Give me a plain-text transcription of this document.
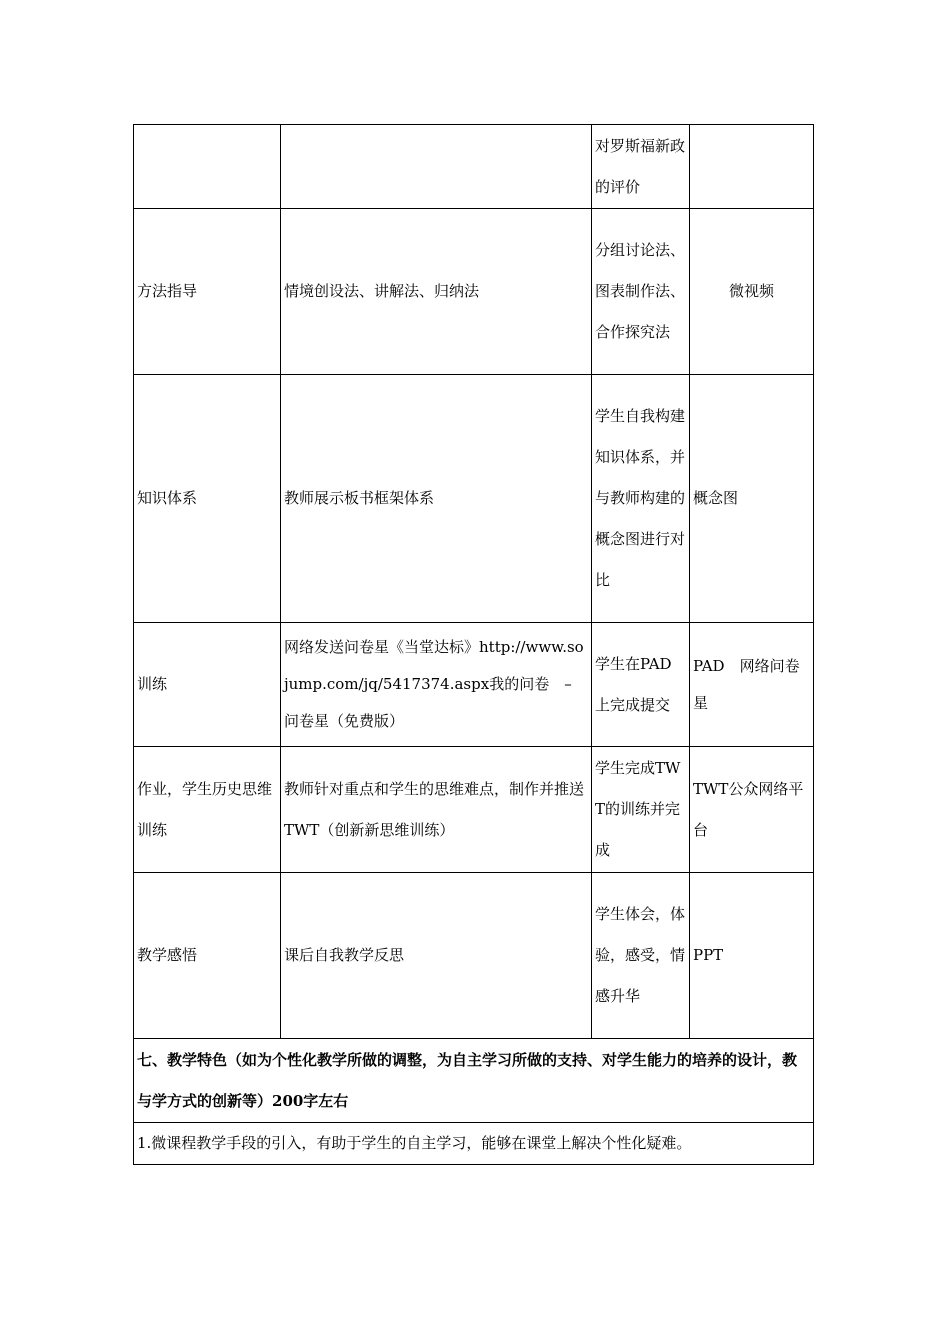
		对罗斯福新政的评价	
方法指导	情境创设法、讲解法、归纳法	分组讨论法、图表制作法、合作探究法	微视频
知识体系	教师展示板书框架体系	学生自我构建知识体系，并与教师构建的概念图进行对比	概念图
训练	网络发送问卷星《当堂达标》http://www.sojump.com/jq/5417374.aspx我的问卷　–　问卷星（免费版）	学生在PAD上完成提交	PAD　网络问卷星
作业，学生历史思维训练	教师针对重点和学生的思维难点，制作并推送TWT（创新新思维训练）	学生完成TWT的训练并完成	TWT公众网络平台
教学感悟	课后自我教学反思	学生体会，体验，感受，情感升华	PPT
七、教学特色（如为个性化教学所做的调整，为自主学习所做的支持、对学生能力的培养的设计，教与学方式的创新等）200字左右			
1.微课程教学手段的引入，有助于学生的自主学习，能够在课堂上解决个性化疑难。			
